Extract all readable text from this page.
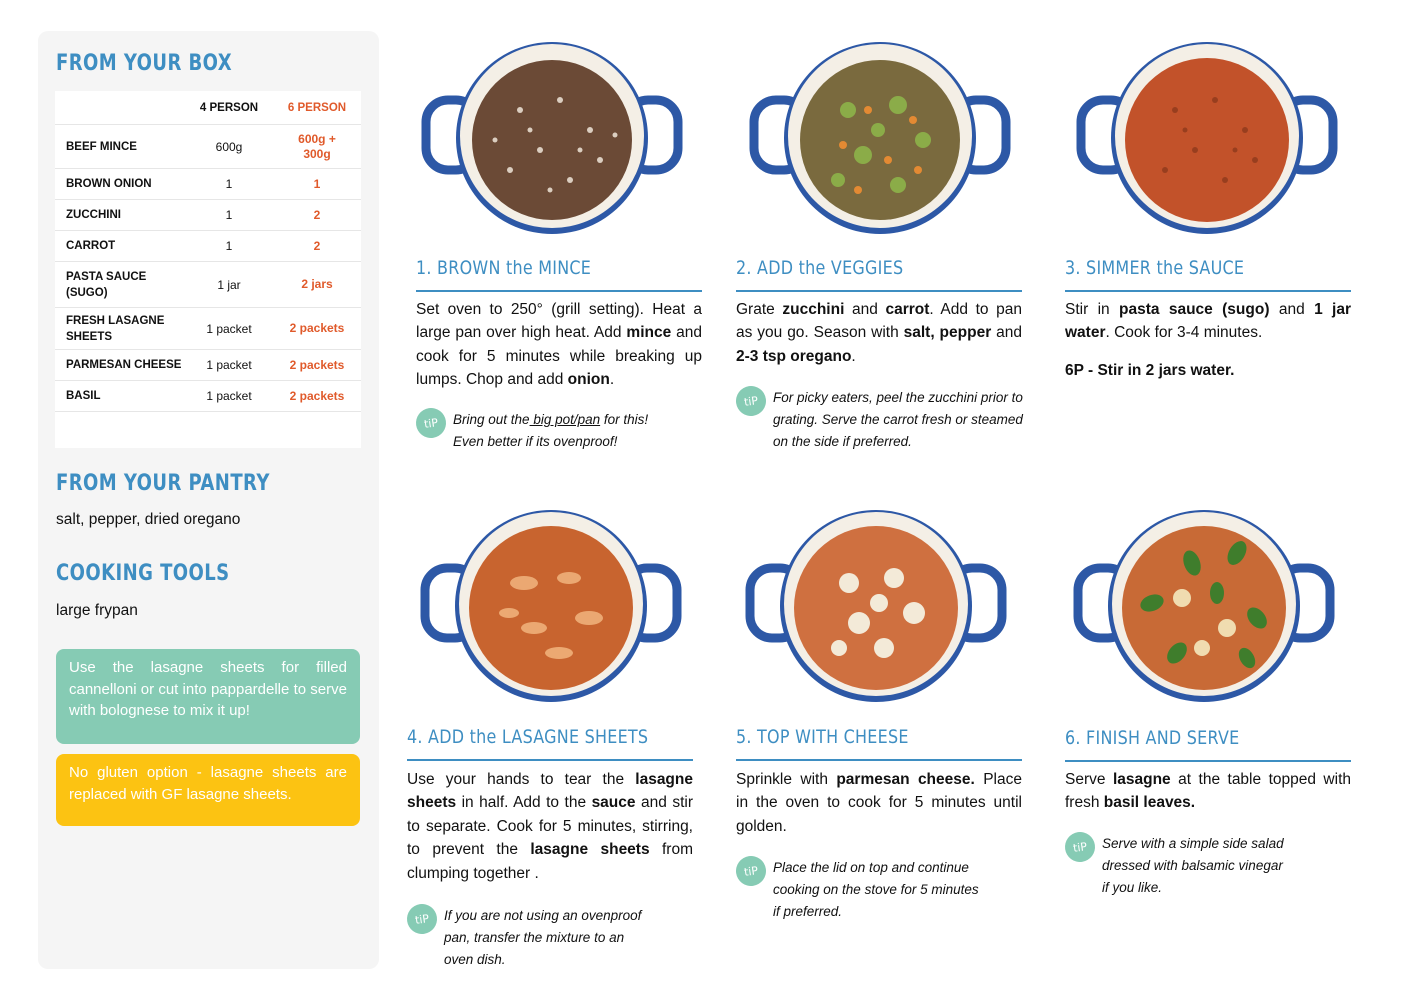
FROM YOUR BOX
	4 PERSON	6 PERSON
BEEF MINCE	600g	600g + 300g
BROWN ONION	1	1
ZUCCHINI	1	2
CARROT	1	2
PASTA SAUCE (SUGO)	1 jar	2 jars
FRESH LASAGNE SHEETS	1 packet	2 packets
PARMESAN CHEESE	1 packet	2 packets
BASIL	1 packet	2 packets
FROM YOUR PANTRY
salt, pepper, dried oregano
COOKING TOOLS
large frypan
Use the lasagne sheets for filled cannelloni or cut into pappardelle to serve with bolognese to mix it up!
No gluten option - lasagne sheets are replaced with GF lasagne sheets.
1. BROWN the MINCE
Set oven to 250° (grill setting). Heat a large pan over high heat. Add mince and cook for 5 minutes while breaking up lumps. Chop and add onion.
tiP	Bring out the big pot/pan for this!
Even better if its ovenproof!
2. ADD the VEGGIES
Grate zucchini and carrot. Add to pan as you go. Season with salt, pepper and 2-3 tsp oregano.
tiP	For picky eaters, peel the zucchini prior to grating. Serve the carrot fresh or steamed on the side if preferred.
3. SIMMER the SAUCE
Stir in pasta sauce (sugo) and 1 jar water. Cook for 3-4 minutes.
6P - Stir in 2 jars water.
4. ADD the LASAGNE SHEETS
Use your hands to tear the lasagne sheets in half. Add to the sauce and stir to separate. Cook for 5 minutes, stirring, to prevent the lasagne sheets from clumping together .
tiP	If you are not using an ovenproof
pan, transfer the mixture to an
oven dish.
5. TOP WITH CHEESE
Sprinkle with parmesan cheese. Place in the oven to cook for 5 minutes until golden.
tiP	Place the lid on top and continue
cooking on the stove for 5 minutes
if preferred.
6. FINISH AND SERVE
Serve lasagne at the table topped with fresh basil leaves.
tiP	Serve with a simple side salad
dressed with balsamic vinegar
if you like.
